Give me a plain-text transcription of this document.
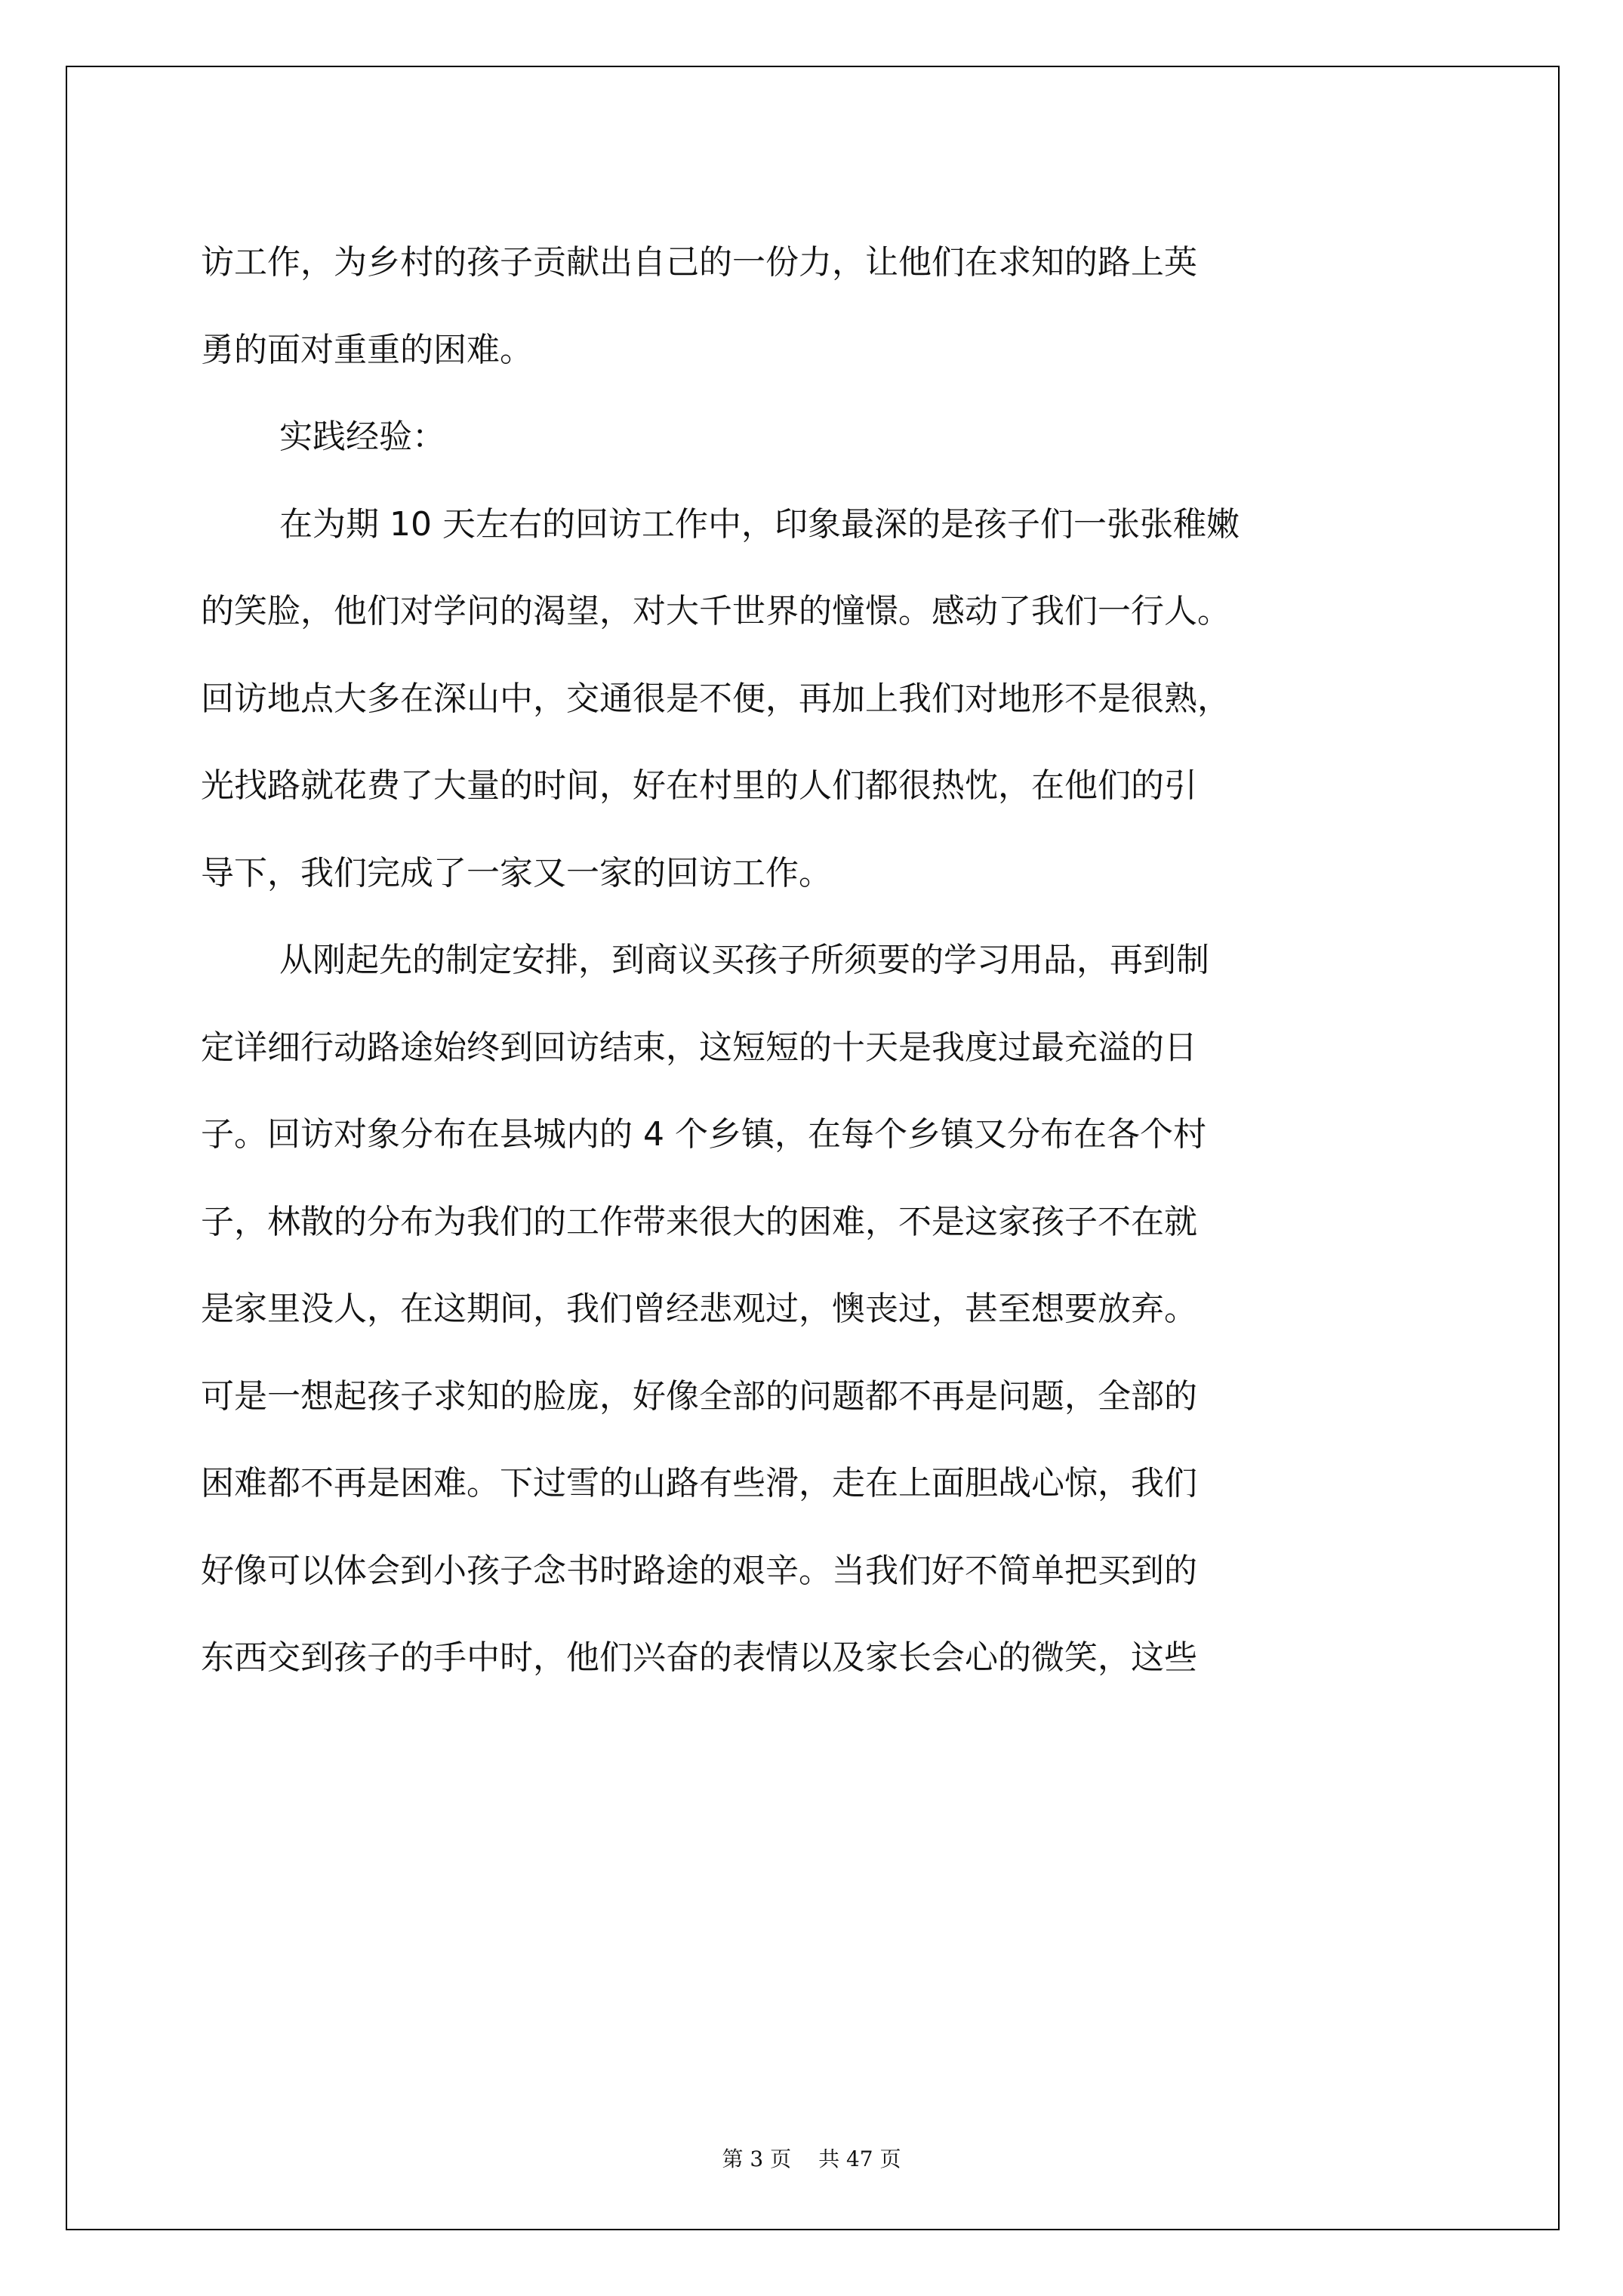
访工作，为乡村的孩子贡献出自己的一份力，让他们在求知的路上英
勇的面对重重的困难。
实践经验：
在为期 10 天左右的回访工作中，印象最深的是孩子们一张张稚嫩
的笑脸，他们对学问的渴望，对大千世界的憧憬。感动了我们一行人。
回访地点大多在深山中，交通很是不便，再加上我们对地形不是很熟，
光找路就花费了大量的时间，好在村里的人们都很热忱，在他们的引
导下，我们完成了一家又一家的回访工作。
从刚起先的制定安排，到商议买孩子所须要的学习用品，再到制
定详细行动路途始终到回访结束，这短短的十天是我度过最充溢的日
子。回访对象分布在县城内的 4 个乡镇，在每个乡镇又分布在各个村
子，林散的分布为我们的工作带来很大的困难，不是这家孩子不在就
是家里没人，在这期间，我们曾经悲观过，懊丧过，甚至想要放弃。
可是一想起孩子求知的脸庞，好像全部的问题都不再是问题，全部的
困难都不再是困难。下过雪的山路有些滑，走在上面胆战心惊，我们
好像可以体会到小孩子念书时路途的艰辛。当我们好不简单把买到的
东西交到孩子的手中时，他们兴奋的表情以及家长会心的微笑，这些
第 3 页 共 47 页
